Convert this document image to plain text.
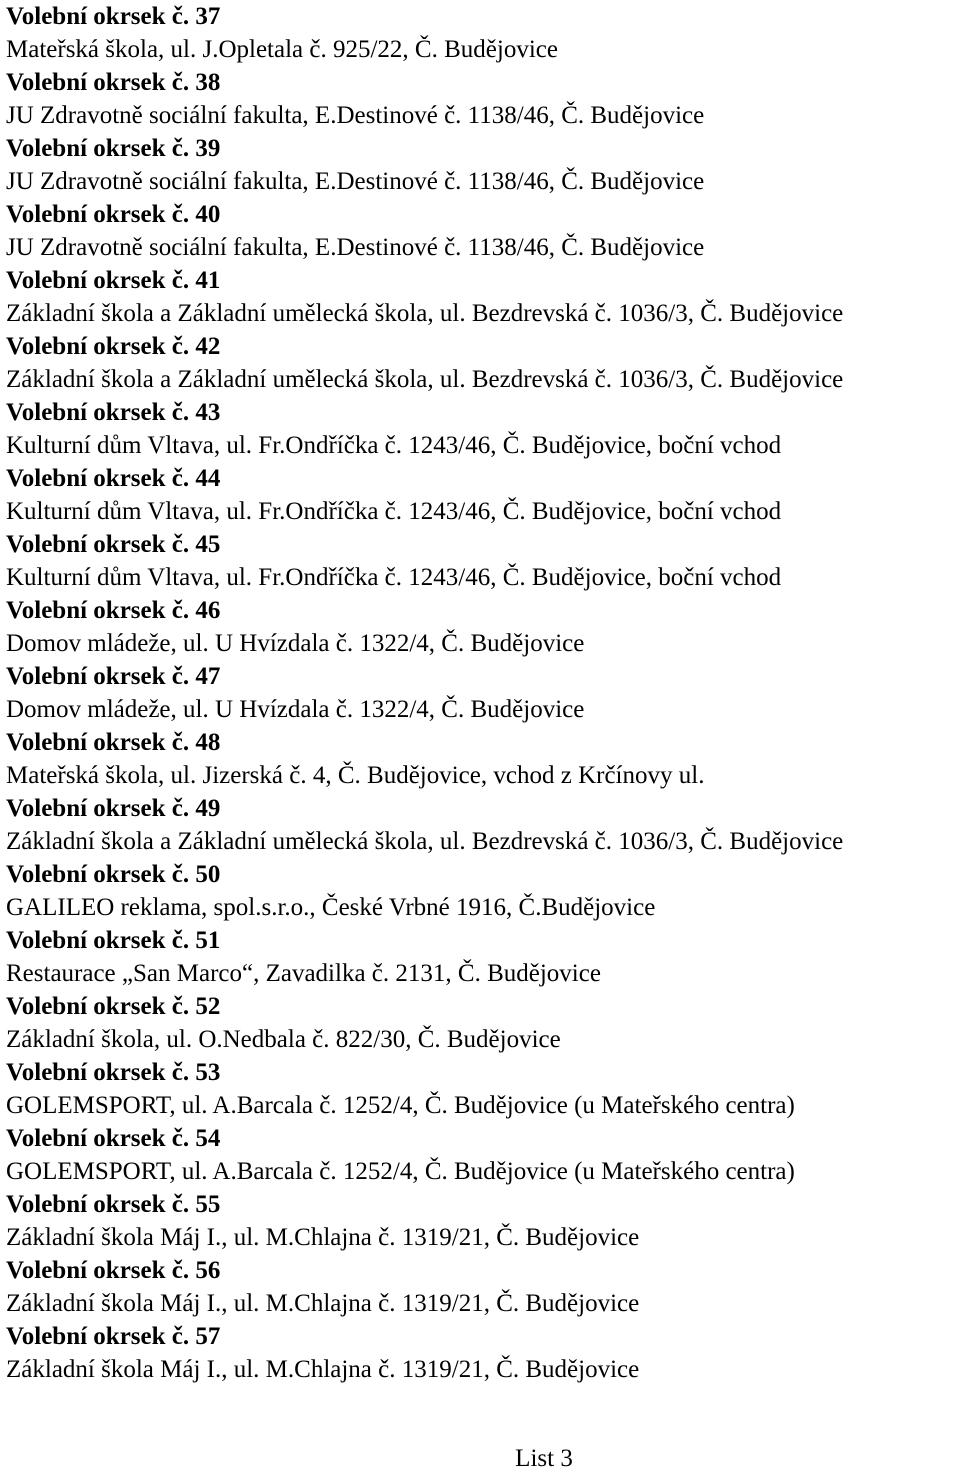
Volební okrsek č. 37

Mateřská škola, ul. J.Opletala č. 925/22, Č. Budějovice

Volební okrsek č. 38

JU Zdravotně sociální fakulta, E.Destinové č. 1138/46, Č. Budějovice

Volební okrsek č. 39

JU Zdravotně sociální fakulta, E.Destinové č. 1138/46, Č. Budějovice

Volební okrsek č. 40

JU Zdravotně sociální fakulta, E.Destinové č. 1138/46, Č. Budějovice

Volební okrsek č. 41

Základní škola a Základní umělecká škola, ul. Bezdrevská č. 1036/3, Č. Budějovice

Volební okrsek č. 42

Základní škola a Základní umělecká škola, ul. Bezdrevská č. 1036/3, Č. Budějovice

Volební okrsek č. 43

Kulturní dům Vltava, ul. Fr.Ondříčka č. 1243/46, Č. Budějovice, boční vchod

Volební okrsek č. 44

Kulturní dům Vltava, ul. Fr.Ondříčka č. 1243/46, Č. Budějovice, boční vchod

Volební okrsek č. 45

Kulturní dům Vltava, ul. Fr.Ondříčka č. 1243/46, Č. Budějovice, boční vchod

Volební okrsek č. 46

Domov mládeže, ul. U Hvízdala č. 1322/4, Č. Budějovice

Volební okrsek č. 47

Domov mládeže, ul. U Hvízdala č. 1322/4, Č. Budějovice

Volební okrsek č. 48

Mateřská škola, ul. Jizerská č. 4, Č. Budějovice, vchod z Krčínovy ul.

Volební okrsek č. 49

Základní škola a Základní umělecká škola, ul. Bezdrevská č. 1036/3, Č. Budějovice

Volební okrsek č. 50

GALILEO reklama, spol.s.r.o., České Vrbné 1916, Č.Budějovice

Volební okrsek č. 51

Restaurace „San Marco“, Zavadilka č. 2131, Č. Budějovice

Volební okrsek č. 52

Základní škola, ul. O.Nedbala č. 822/30, Č. Budějovice

Volební okrsek č. 53

GOLEMSPORT, ul. A.Barcala č. 1252/4, Č. Budějovice (u Mateřského centra)

Volební okrsek č. 54

GOLEMSPORT, ul. A.Barcala č. 1252/4, Č. Budějovice (u Mateřského centra)

Volební okrsek č. 55

Základní škola Máj I., ul. M.Chlajna č. 1319/21, Č. Budějovice

Volební okrsek č. 56

Základní škola Máj I., ul. M.Chlajna č. 1319/21, Č. Budějovice

Volební okrsek č. 57

Základní škola Máj I., ul. M.Chlajna č. 1319/21, Č. Budějovice

List 3
